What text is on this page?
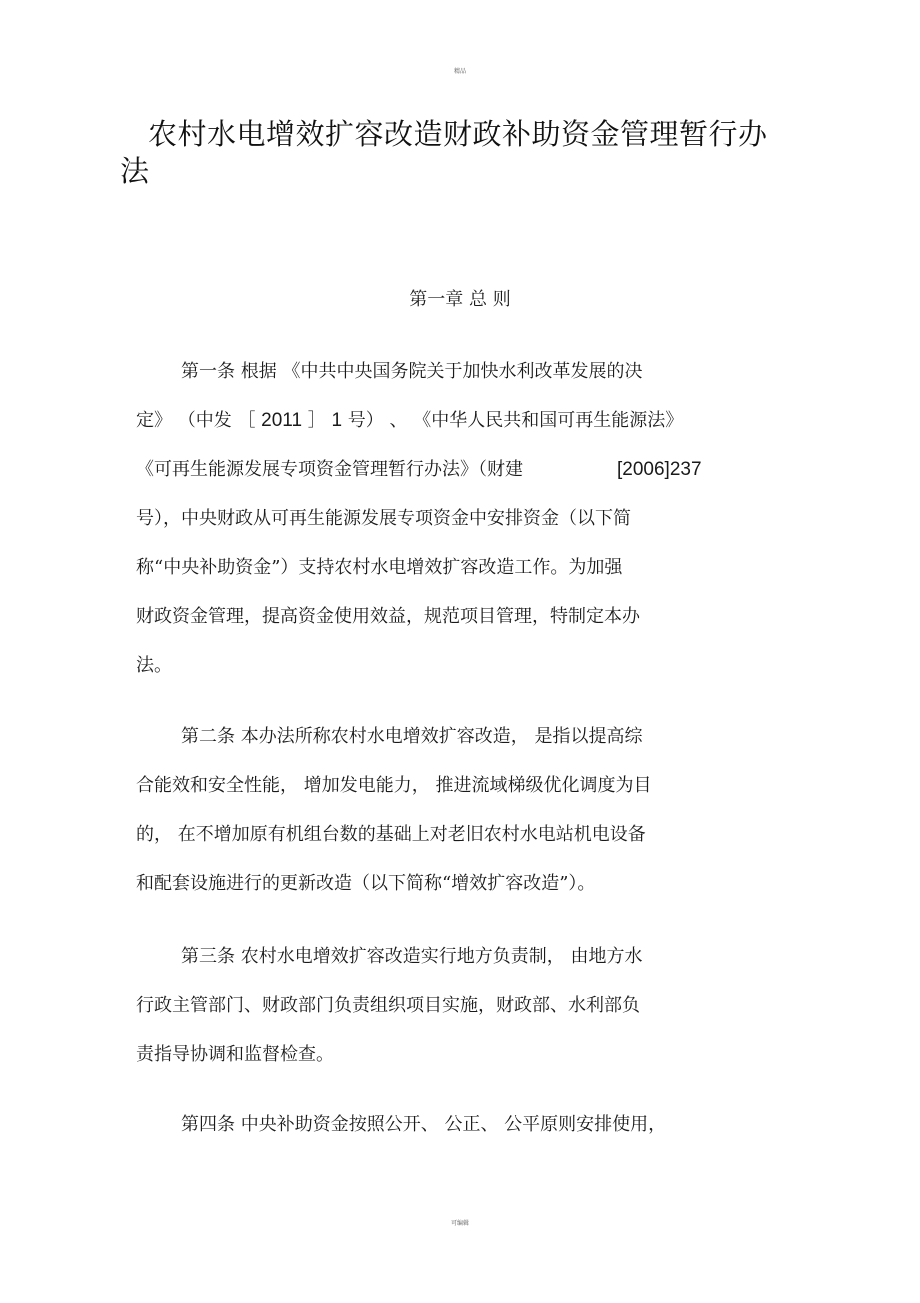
精品
农村水电增效扩容改造财政补助资金管理暂行办
法
第一章 总 则
第一条 根据 《中共中央国务院关于加快水利改革发展的决
定》 （中发 ［ 2011 ］ 1 号） 、 《中华人民共和国可再生能源法》
《可再生能源发展专项资金管理暂行办法》（财建	[2006]237
号），中央财政从可再生能源发展专项资金中安排资金（以下简
称“中央补助资金”）支持农村水电增效扩容改造工作。为加强
财政资金管理，提高资金使用效益，规范项目管理，特制定本办
法。
第二条 本办法所称农村水电增效扩容改造， 是指以提高综
合能效和安全性能， 增加发电能力， 推进流域梯级优化调度为目
的， 在不增加原有机组台数的基础上对老旧农村水电站机电设备
和配套设施进行的更新改造（以下简称“增效扩容改造”）。
第三条 农村水电增效扩容改造实行地方负责制， 由地方水
行政主管部门、财政部门负责组织项目实施，财政部、水利部负
责指导协调和监督检查。
第四条 中央补助资金按照公开、 公正、 公平原则安排使用，
可编辑
